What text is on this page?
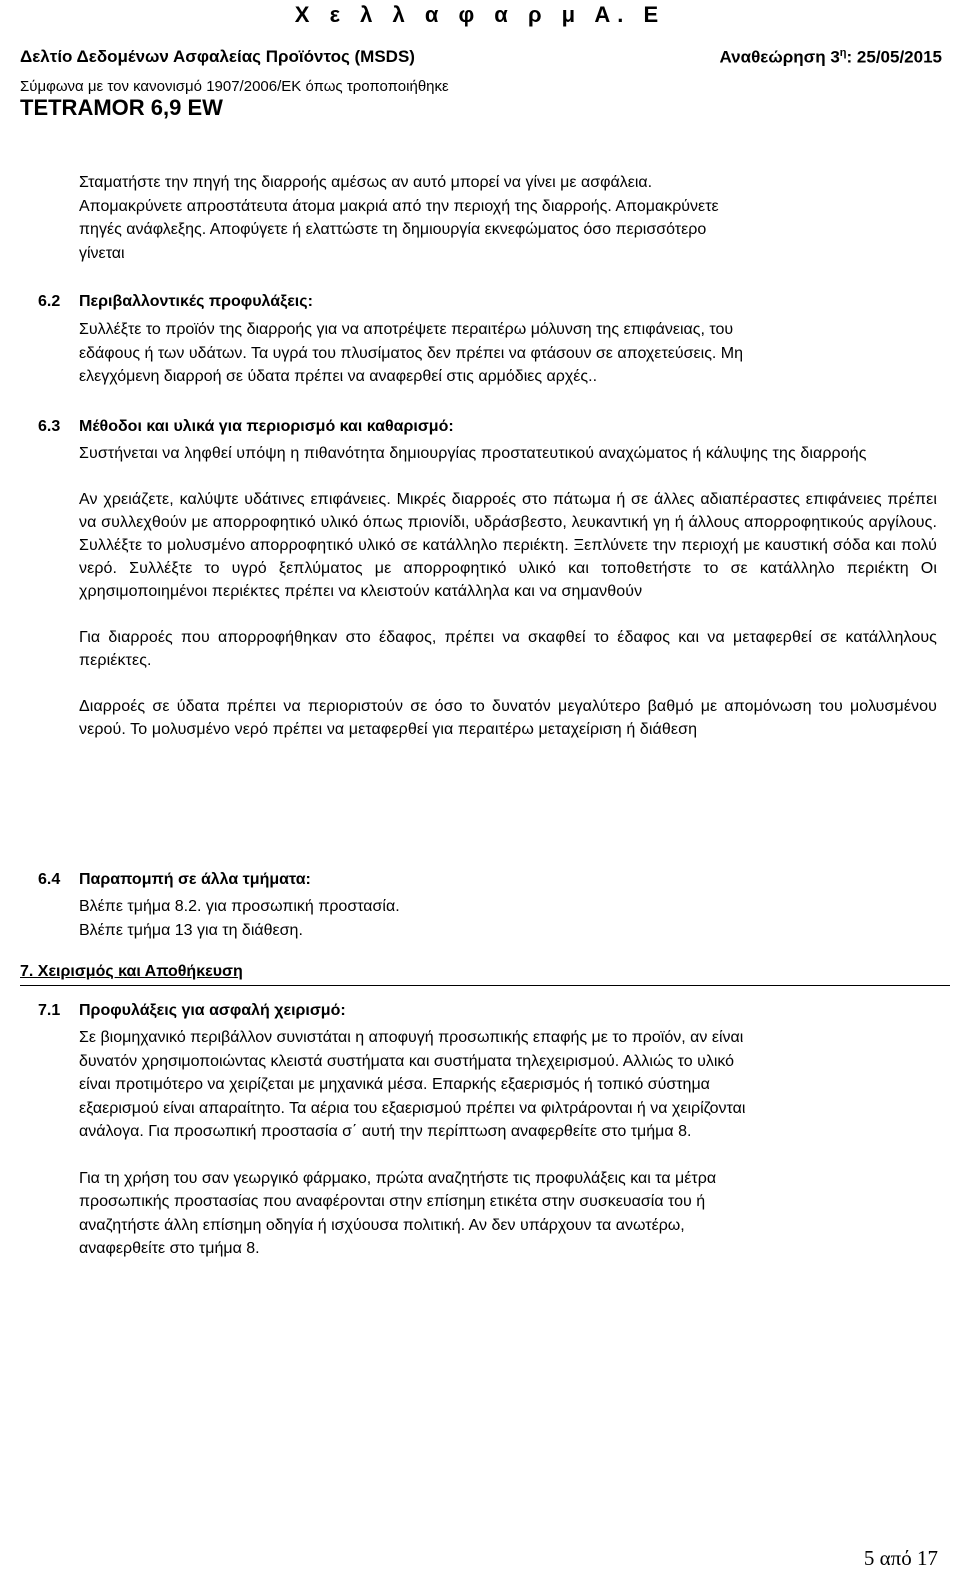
Χ ε λ λ α φ α ρ μ Α. Ε
Δελτίο Δεδομένων Ασφαλείας Προϊόντος (MSDS)	Αναθεώρηση $3^\eta$: 25/05/2015
Σύμφωνα με τον κανονισμό 1907/2006/ΕΚ όπως τροποποιήθηκε
TETRAMOR 6,9 EW

Σταματήστε την πηγή της διαρροής αμέσως αν αυτό μπορεί να γίνει με ασφάλεια.

Απομακρύνετε απροστάτευτα άτομα μακριά από την περιοχή της διαρροής. Απομακρύνετε

πηγές ανάφλεξης. Αποφύγετε ή ελαττώστε τη δημιουργία εκνεφώματος όσο περισσότερο

γίνεται

6.2 Περιβαλλοντικές προφυλάξεις:

Συλλέξτε το προϊόν της διαρροής για να αποτρέψετε περαιτέρω μόλυνση της επιφάνειας, του

εδάφους ή των υδάτων. Τα υγρά του πλυσίματος δεν πρέπει να φτάσουν σε αποχετεύσεις. Μη

ελεγχόμενη διαρροή σε ύδατα πρέπει να αναφερθεί στις αρμόδιες αρχές..

6.3 Μέθοδοι και υλικά για περιορισμό και καθαρισμό:

Συστήνεται να ληφθεί υπόψη η πιθανότητα δημιουργίας προστατευτικού αναχώματος ή κάλυψης της διαρροής

Αν χρειάζετε, καλύψτε υδάτινες επιφάνειες. Μικρές διαρροές στο πάτωμα ή σε άλλες αδιαπέραστες επιφάνειες πρέπει να συλλεχθούν με απορροφητικό υλικό όπως πριονίδι, υδράσβεστο, λευκαντική γη ή άλλους απορροφητικούς αργίλους. Συλλέξτε το μολυσμένο απορροφητικό υλικό σε κατάλληλο περιέκτη. Ξεπλύνετε την περιοχή με καυστική σόδα και πολύ νερό. Συλλέξτε το υγρό ξεπλύματος με απορροφητικό υλικό και τοποθετήστε το σε κατάλληλο περιέκτη Οι χρησιμοποιημένοι περιέκτες πρέπει να κλειστούν κατάλληλα και να σημανθούν

Για διαρροές που απορροφήθηκαν στο έδαφος, πρέπει να σκαφθεί το έδαφος και να μεταφερθεί σε κατάλληλους περιέκτες.

Διαρροές σε ύδατα πρέπει να περιοριστούν σε όσο το δυνατόν μεγαλύτερο βαθμό με απομόνωση του μολυσμένου νερού. Το μολυσμένο νερό πρέπει να μεταφερθεί για περαιτέρω μεταχείριση ή διάθεση

6.4 Παραπομπή σε άλλα τμήματα:

Βλέπε τμήμα 8.2. για προσωπική προστασία.

Βλέπε τμήμα 13 για τη διάθεση.

7. Χειρισμός και Αποθήκευση
7.1 Προφυλάξεις για ασφαλή χειρισμό:

Σε βιομηχανικό περιβάλλον συνιστάται η αποφυγή προσωπικής επαφής με το προϊόν, αν είναι

δυνατόν χρησιμοποιώντας κλειστά συστήματα και συστήματα τηλεχειρισμού. Αλλιώς το υλικό

είναι προτιμότερο να χειρίζεται με μηχανικά μέσα. Επαρκής εξαερισμός ή τοπικό σύστημα

εξαερισμού είναι απαραίτητο. Τα αέρια του εξαερισμού πρέπει να φιλτράρονται ή να χειρίζονται

ανάλογα. Για προσωπική προστασία σ΄ αυτή την περίπτωση αναφερθείτε στο τμήμα 8.

Για τη χρήση του σαν γεωργικό φάρμακο, πρώτα αναζητήστε τις προφυλάξεις και τα μέτρα

προσωπικής προστασίας που αναφέρονται στην επίσημη ετικέτα στην συσκευασία του ή

αναζητήστε άλλη επίσημη οδηγία ή ισχύουσα πολιτική. Αν δεν υπάρχουν τα ανωτέρω,

αναφερθείτε στο τμήμα 8.

5 από 17
